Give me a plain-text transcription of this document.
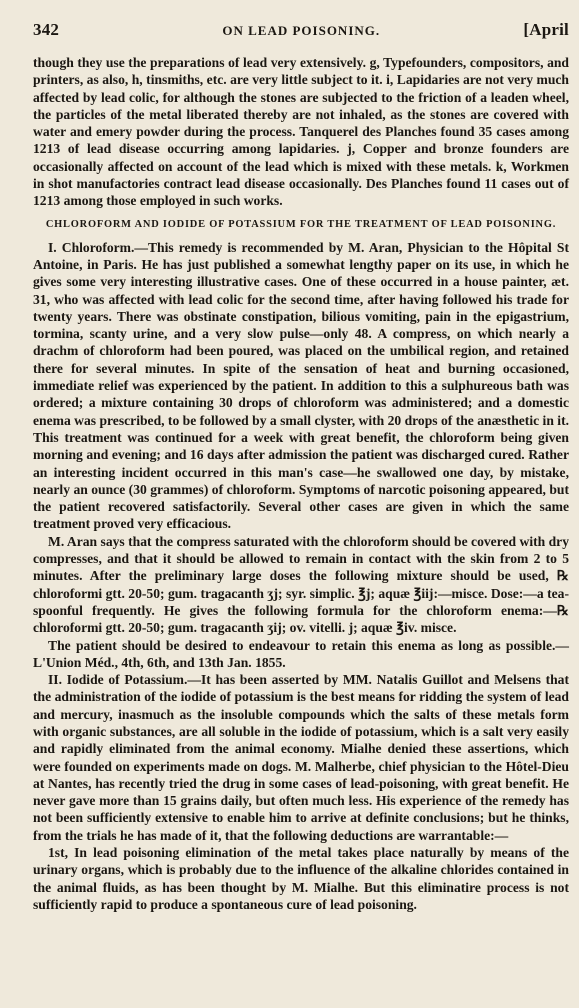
342	ON LEAD POISONING.	[April

though they use the preparations of lead very extensively. g, Typefounders, compositors, and printers, as also, h, tinsmiths, etc. are very little subject to it. i, Lapidaries are not very much affected by lead colic, for although the stones are subjected to the friction of a leaden wheel, the particles of the metal liberated thereby are not inhaled, as the stones are covered with water and emery powder during the process. Tanquerel des Planches found 35 cases among 1213 of lead disease occurring among lapidaries. j, Copper and bronze founders are occasionally affected on account of the lead which is mixed with these metals. k, Workmen in shot manufactories contract lead disease occasionally. Des Planches found 11 cases out of 1213 among those employed in such works.

CHLOROFORM AND IODIDE OF POTASSIUM FOR THE TREATMENT OF LEAD POISONING.

I. Chloroform.—This remedy is recommended by M. Aran, Physician to the Hôpital St Antoine, in Paris. He has just published a somewhat lengthy paper on its use, in which he gives some very interesting illustrative cases. One of these occurred in a house painter, æt. 31, who was affected with lead colic for the second time, after having followed his trade for twenty years. There was obstinate constipation, bilious vomiting, pain in the epigastrium, tormina, scanty urine, and a very slow pulse—only 48. A compress, on which nearly a drachm of chloroform had been poured, was placed on the umbilical region, and retained there for several minutes. In spite of the sensation of heat and burning occasioned, immediate relief was experienced by the patient. In addition to this a sulphureous bath was ordered; a mixture containing 30 drops of chloroform was administered; and a domestic enema was prescribed, to be followed by a small clyster, with 20 drops of the anæsthetic in it. This treatment was continued for a week with great benefit, the chloroform being given morning and evening; and 16 days after admission the patient was discharged cured. Rather an interesting incident occurred in this man's case—he swallowed one day, by mistake, nearly an ounce (30 grammes) of chloroform. Symptoms of narcotic poisoning appeared, but the patient recovered satisfactorily. Several other cases are given in which the same treatment proved very efficacious.

M. Aran says that the compress saturated with the chloroform should be covered with dry compresses, and that it should be allowed to remain in contact with the skin from 2 to 5 minutes. After the preliminary large doses the following mixture should be used, ℞ chloroformi gtt. 20-50; gum. tragacanth ʒj; syr. simplic. ℥j; aquæ ℥iij:—misce. Dose:—a tea-spoonful frequently. He gives the following formula for the chloroform enema:—℞ chloroformi gtt. 20-50; gum. tragacanth ʒij; ov. vitelli. j; aquæ ℥iv. misce.

The patient should be desired to endeavour to retain this enema as long as possible.—L'Union Méd., 4th, 6th, and 13th Jan. 1855.

II. Iodide of Potassium.—It has been asserted by MM. Natalis Guillot and Melsens that the administration of the iodide of potassium is the best means for ridding the system of lead and mercury, inasmuch as the insoluble compounds which the salts of these metals form with organic substances, are all soluble in the iodide of potassium, which is a salt very easily and rapidly eliminated from the animal economy. Mialhe denied these assertions, which were founded on experiments made on dogs. M. Malherbe, chief physician to the Hôtel-Dieu at Nantes, has recently tried the drug in some cases of lead-poisoning, with great benefit. He never gave more than 15 grains daily, but often much less. His experience of the remedy has not been sufficiently extensive to enable him to arrive at definite conclusions; but he thinks, from the trials he has made of it, that the following deductions are warrantable:—

1st, In lead poisoning elimination of the metal takes place naturally by means of the urinary organs, which is probably due to the influence of the alkaline chlorides contained in the animal fluids, as has been thought by M. Mialhe. But this eliminatire process is not sufficiently rapid to produce a spontaneous cure of lead poisoning.
